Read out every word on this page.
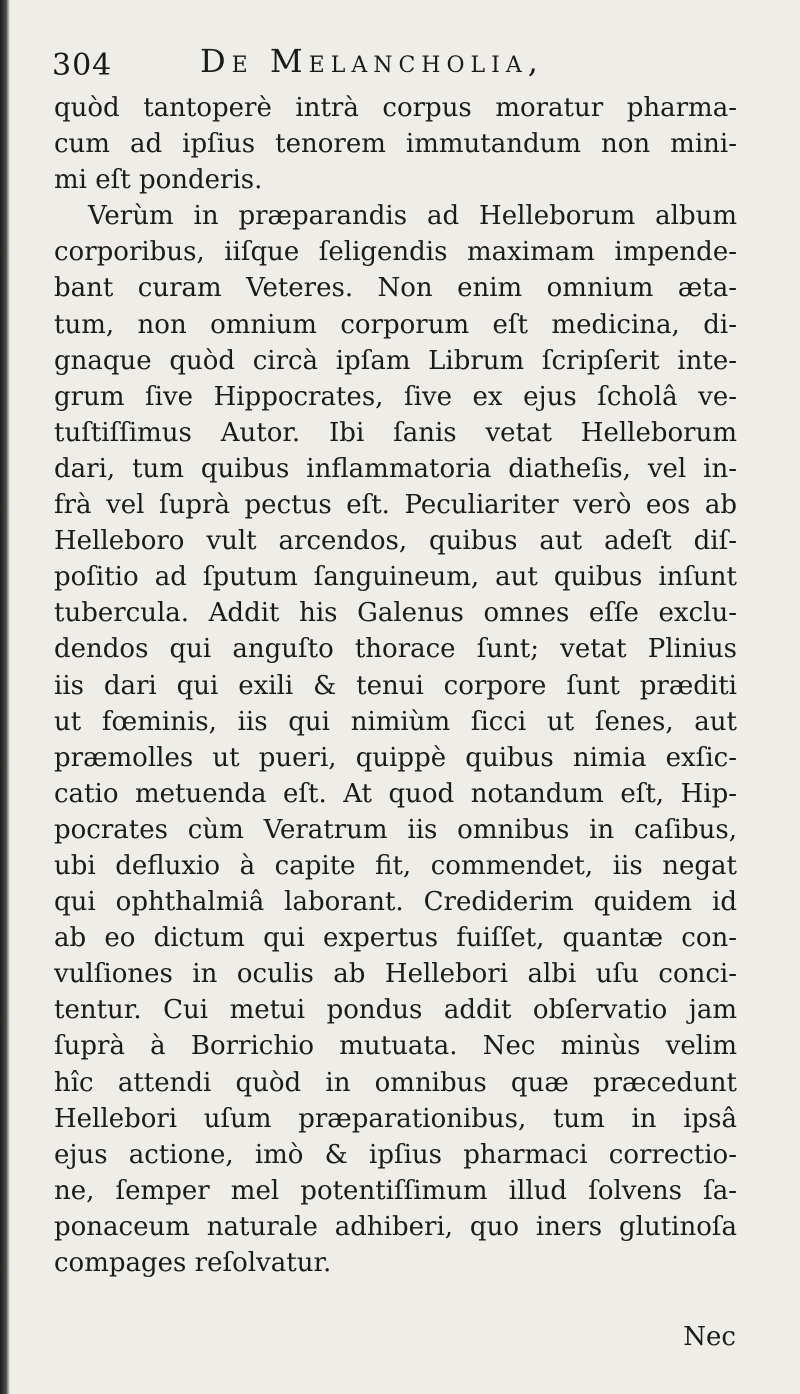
304	De Melancholia,
quòd tantoperè intrà corpus moratur pharma-
cum ad ipſius tenorem immutandum non mini-
mi eſt ponderis.
Verùm in præparandis ad Helleborum album
corporibus, iiſque ſeligendis maximam impende-
bant curam Veteres. Non enim omnium æta-
tum, non omnium corporum eſt medicina, di-
gnaque quòd circà ipſam Librum ſcripſerit inte-
grum ſive Hippocrates, ſive ex ejus ſcholâ ve-
tuſtiſſimus Autor. Ibi ſanis vetat Helleborum
dari, tum quibus inflammatoria diatheſis, vel in-
frà vel ſuprà pectus eſt. Peculiariter verò eos ab
Helleboro vult arcendos, quibus aut adeſt diſ-
poſitio ad ſputum ſanguineum, aut quibus inſunt
tubercula. Addit his Galenus omnes eſſe exclu-
dendos qui anguſto thorace ſunt; vetat Plinius
iis dari qui exili & tenui corpore ſunt præditi
ut fœminis, iis qui nimiùm ſicci ut ſenes, aut
præmolles ut pueri, quippè quibus nimia exſic-
catio metuenda eſt. At quod notandum eſt, Hip-
pocrates cùm Veratrum iis omnibus in caſibus,
ubi defluxio à capite fit, commendet, iis negat
qui ophthalmiâ laborant. Crediderim quidem id
ab eo dictum qui expertus fuiſſet, quantæ con-
vulſiones in oculis ab Hellebori albi uſu conci-
tentur. Cui metui pondus addit obſervatio jam
ſuprà à Borrichio mutuata. Nec minùs velim
hîc attendi quòd in omnibus quæ præcedunt
Hellebori uſum præparationibus, tum in ipsâ
ejus actione, imò & ipſius pharmaci correctio-
ne, ſemper mel potentiſſimum illud ſolvens ſa-
ponaceum naturale adhiberi, quo iners glutinoſa
compages reſolvatur.
Nec
